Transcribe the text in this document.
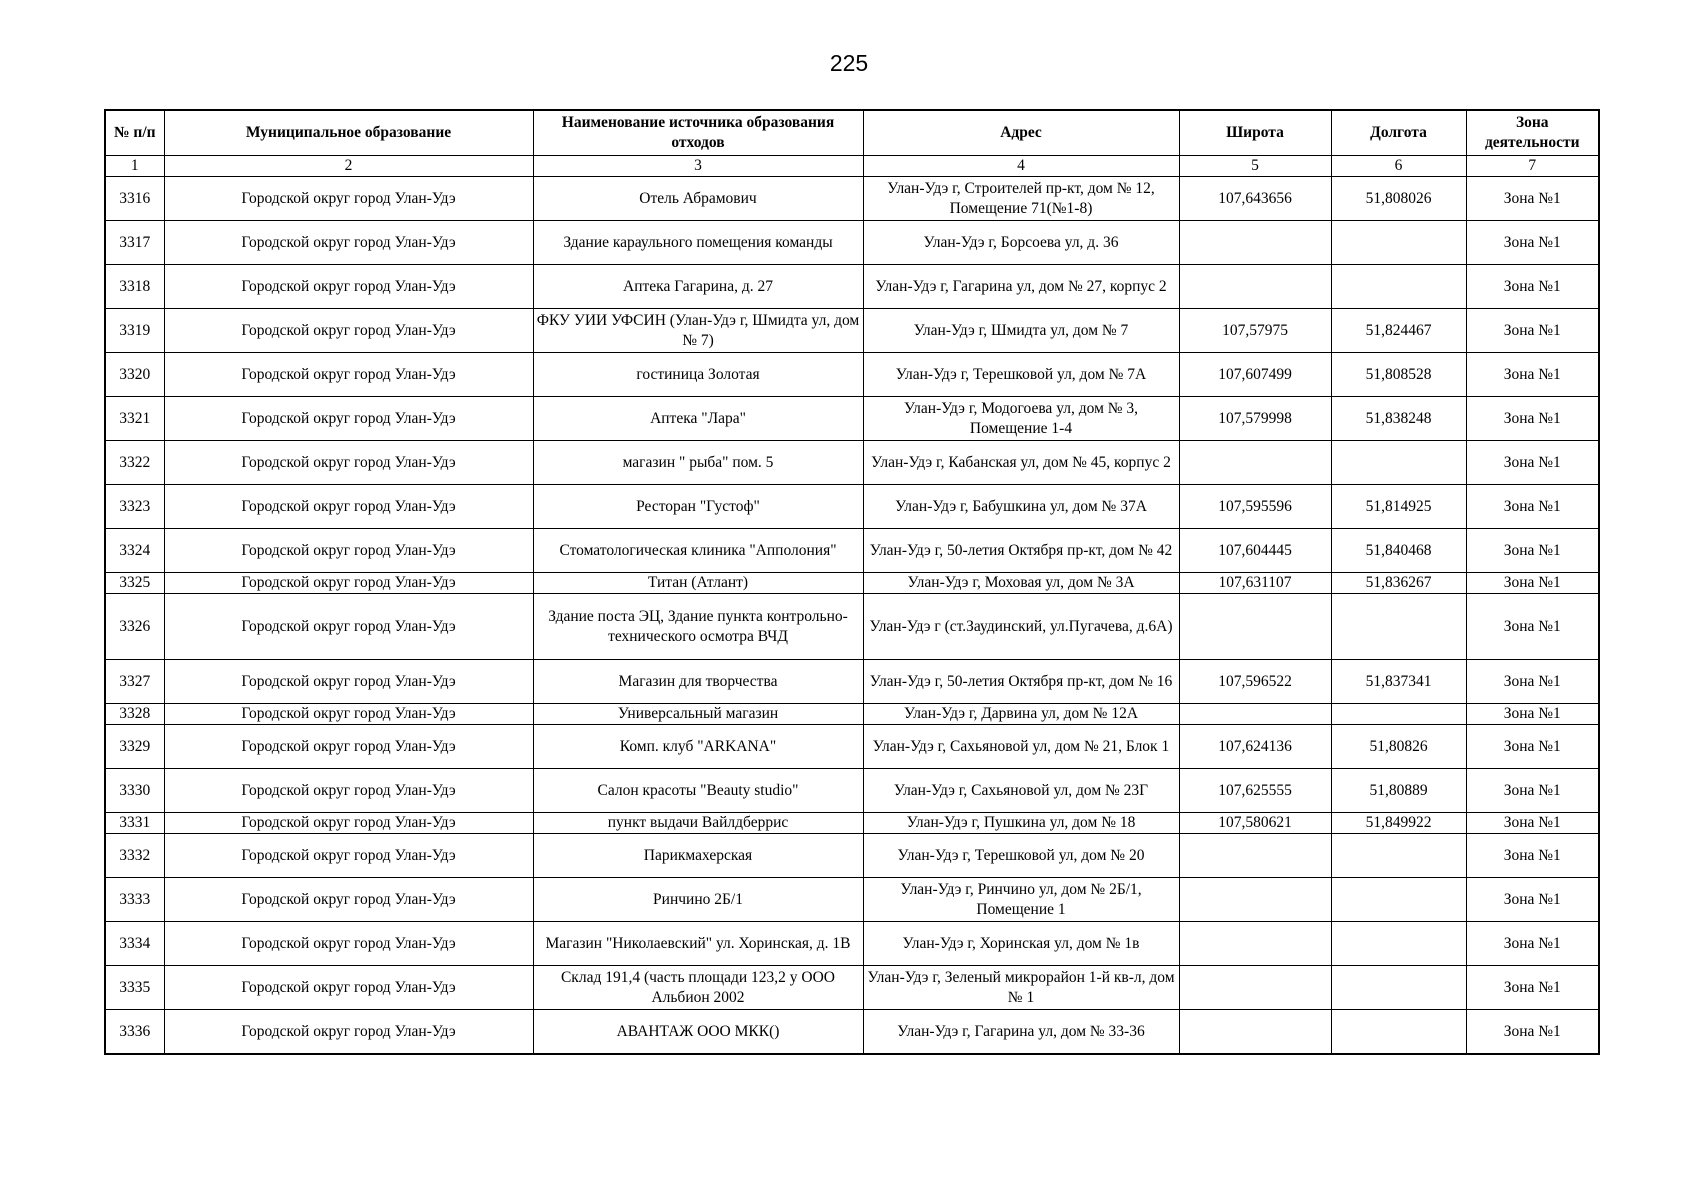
225
№ п/п	Муниципальное образование	Наименование источника образования отходов	Адрес	Широта	Долгота	Зона деятельности
1	2	3	4	5	6	7
3316	Городской округ город Улан-Удэ	Отель Абрамович	Улан-Удэ г, Строителей пр-кт, дом № 12, Помещение 71(№1-8)	107,643656	51,808026	Зона №1
3317	Городской округ город Улан-Удэ	Здание караульного помещения команды	Улан-Удэ г, Борсоева ул, д. 36			Зона №1
3318	Городской округ город Улан-Удэ	Аптека Гагарина, д. 27	Улан-Удэ г, Гагарина ул, дом № 27, корпус 2			Зона №1
3319	Городской округ город Улан-Удэ	ФКУ УИИ УФСИН (Улан-Удэ г, Шмидта ул, дом № 7)	Улан-Удэ г, Шмидта ул, дом № 7	107,57975	51,824467	Зона №1
3320	Городской округ город Улан-Удэ	гостиница Золотая	Улан-Удэ г, Терешковой ул, дом № 7А	107,607499	51,808528	Зона №1
3321	Городской округ город Улан-Удэ	Аптека "Лара"	Улан-Удэ г, Модогоева ул, дом № 3, Помещение 1-4	107,579998	51,838248	Зона №1
3322	Городской округ город Улан-Удэ	магазин " рыба" пом. 5	Улан-Удэ г, Кабанская ул, дом № 45, корпус 2			Зона №1
3323	Городской округ город Улан-Удэ	Ресторан "Густоф"	Улан-Удэ г, Бабушкина ул, дом № 37А	107,595596	51,814925	Зона №1
3324	Городской округ город Улан-Удэ	Стоматологическая клиника "Апполония"	Улан-Удэ г, 50-летия Октября пр-кт, дом № 42	107,604445	51,840468	Зона №1
3325	Городской округ город Улан-Удэ	Титан (Атлант)	Улан-Удэ г, Моховая ул, дом № 3А	107,631107	51,836267	Зона №1
3326	Городской округ город Улан-Удэ	Здание поста ЭЦ, Здание пункта контрольно-технического осмотра ВЧД	Улан-Удэ г (ст.Заудинский, ул.Пугачева, д.6А)			Зона №1
3327	Городской округ город Улан-Удэ	Магазин для творчества	Улан-Удэ г, 50-летия Октября пр-кт, дом № 16	107,596522	51,837341	Зона №1
3328	Городской округ город Улан-Удэ	Универсальный магазин	Улан-Удэ г, Дарвина ул, дом № 12А			Зона №1
3329	Городской округ город Улан-Удэ	Комп. клуб "ARKANA"	Улан-Удэ г, Сахьяновой ул, дом № 21, Блок 1	107,624136	51,80826	Зона №1
3330	Городской округ город Улан-Удэ	Салон красоты "Beauty studio"	Улан-Удэ г, Сахьяновой ул, дом № 23Г	107,625555	51,80889	Зона №1
3331	Городской округ город Улан-Удэ	пункт выдачи Вайлдберрис	Улан-Удэ г, Пушкина ул, дом № 18	107,580621	51,849922	Зона №1
3332	Городской округ город Улан-Удэ	Парикмахерская	Улан-Удэ г, Терешковой ул, дом № 20			Зона №1
3333	Городской округ город Улан-Удэ	Ринчино 2Б/1	Улан-Удэ г, Ринчино ул, дом № 2Б/1, Помещение 1			Зона №1
3334	Городской округ город Улан-Удэ	Магазин "Николаевский" ул. Хоринская, д. 1В	Улан-Удэ г, Хоринская ул, дом № 1в			Зона №1
3335	Городской округ город Улан-Удэ	Склад 191,4 (часть площади 123,2 у ООО Альбион 2002	Улан-Удэ г, Зеленый микрорайон 1-й кв-л, дом № 1			Зона №1
3336	Городской округ город Улан-Удэ	АВАНТАЖ ООО МКК()	Улан-Удэ г, Гагарина ул, дом № 33-36			Зона №1
